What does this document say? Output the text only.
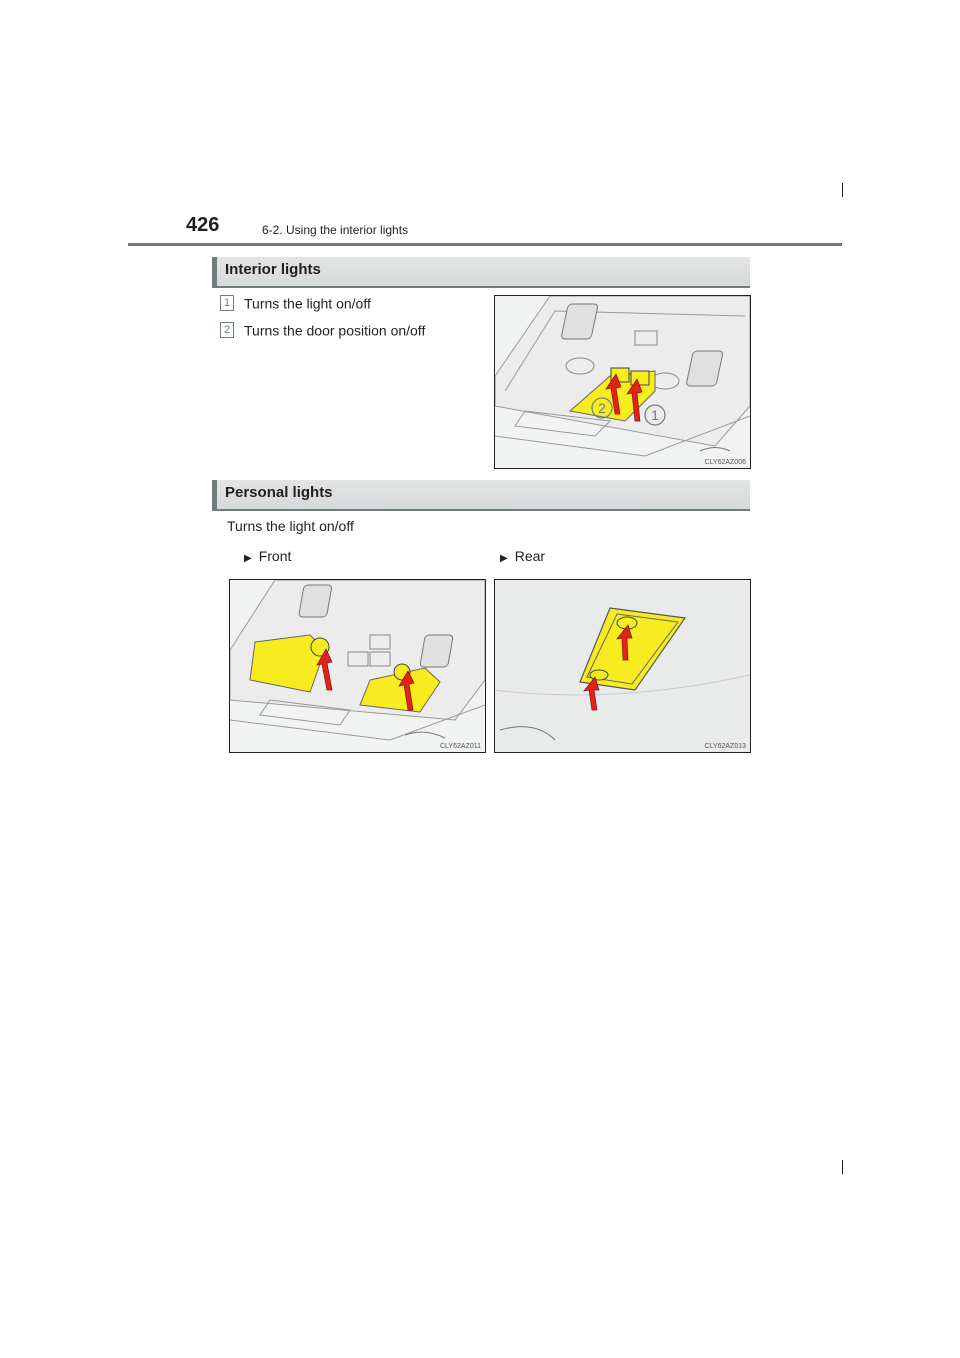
426	6-2. Using the interior lights
Interior lights
1 Turns the light on/off
2 Turns the door position on/off
2	1
CLY62AZ006
Personal lights
Turns the light on/off
▶ Front	▶ Rear
CLY62AZ011	CLY62AZ013
